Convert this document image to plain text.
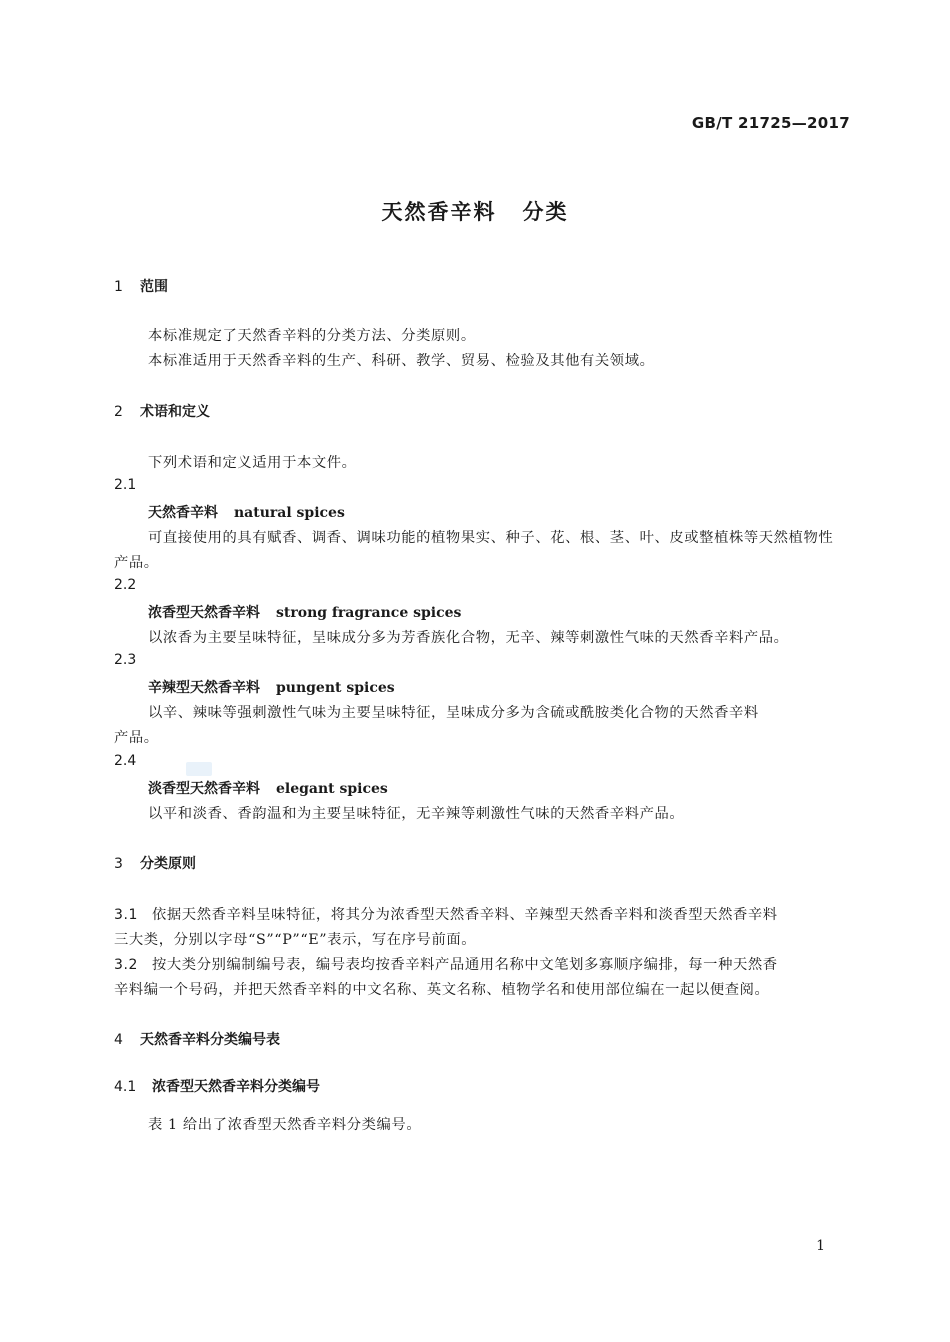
GB/T 21725—2017
天然香辛料 分类
1 范围
本标准规定了天然香辛料的分类方法、分类原则。
本标准适用于天然香辛料的生产、科研、教学、贸易、检验及其他有关领域。
2 术语和定义
下列术语和定义适用于本文件。
2.1
天然香辛料 natural spices
可直接使用的具有赋香、调香、调味功能的植物果实、种子、花、根、茎、叶、皮或整植株等天然植物性
产品。
2.2
浓香型天然香辛料 strong fragrance spices
以浓香为主要呈味特征，呈味成分多为芳香族化合物，无辛、辣等刺激性气味的天然香辛料产品。
2.3
辛辣型天然香辛料 pungent spices
以辛、辣味等强刺激性气味为主要呈味特征，呈味成分多为含硫或酰胺类化合物的天然香辛料
产品。
2.4
淡香型天然香辛料 elegant spices
以平和淡香、香韵温和为主要呈味特征，无辛辣等刺激性气味的天然香辛料产品。
3 分类原则
3.1 依据天然香辛料呈味特征，将其分为浓香型天然香辛料、辛辣型天然香辛料和淡香型天然香辛料
三大类，分别以字母“S”“P”“E”表示，写在序号前面。
3.2 按大类分别编制编号表，编号表均按香辛料产品通用名称中文笔划多寡顺序编排，每一种天然香
辛料编一个号码，并把天然香辛料的中文名称、英文名称、植物学名和使用部位编在一起以便查阅。
4 天然香辛料分类编号表
4.1 浓香型天然香辛料分类编号
表 1 给出了浓香型天然香辛料分类编号。
1
